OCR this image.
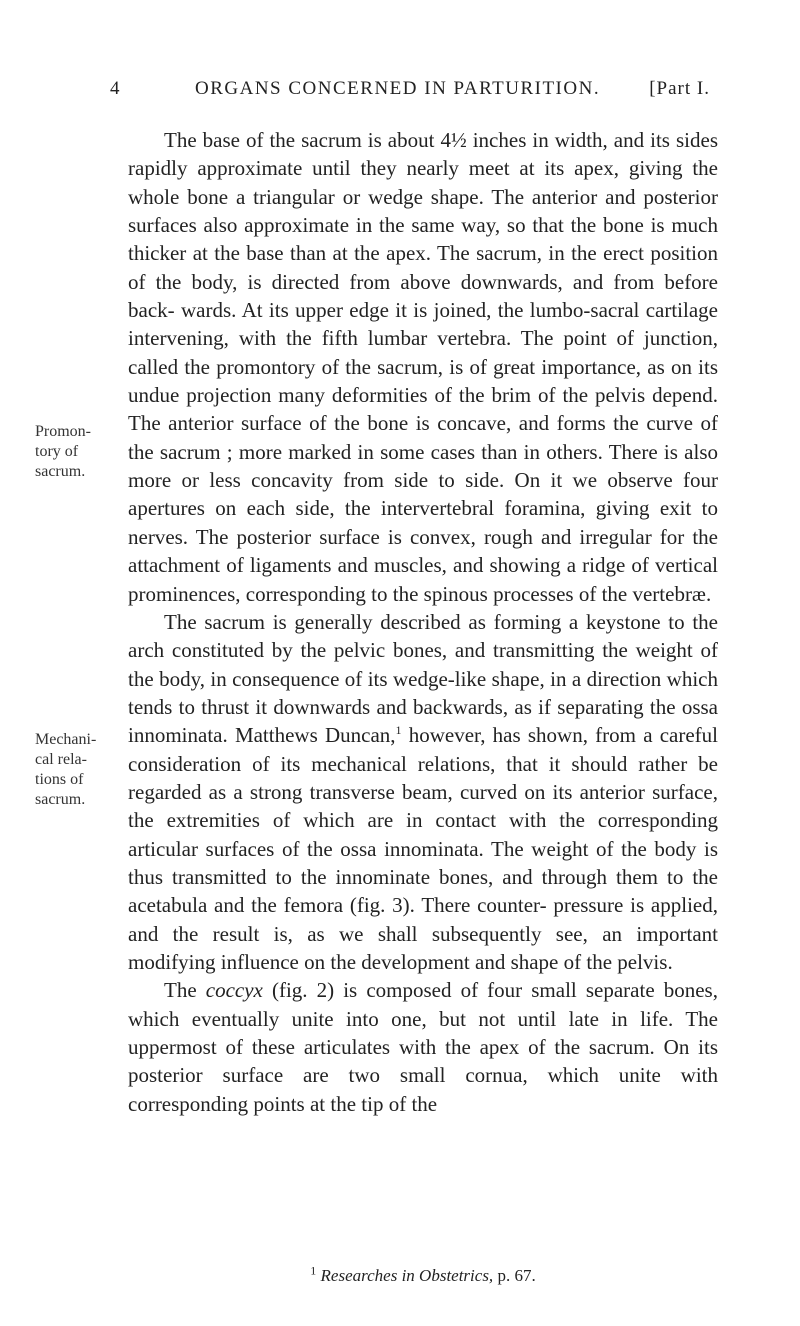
4	ORGANS CONCERNED IN PARTURITION.	[Part I.
Promon- tory of sacrum.
Mechani- cal rela- tions of sacrum.

The base of the sacrum is about 4½ inches in width, and its sides rapidly approximate until they nearly meet at its apex, giving the whole bone a triangular or wedge shape. The anterior and posterior surfaces also approximate in the same way, so that the bone is much thicker at the base than at the apex. The sacrum, in the erect position of the body, is directed from above downwards, and from before back- wards. At its upper edge it is joined, the lumbo-sacral cartilage intervening, with the fifth lumbar vertebra. The point of junction, called the promontory of the sacrum, is of great importance, as on its undue projection many deformities of the brim of the pelvis depend. The anterior surface of the bone is concave, and forms the curve of the sacrum ; more marked in some cases than in others. There is also more or less concavity from side to side. On it we observe four apertures on each side, the intervertebral foramina, giving exit to nerves. The posterior surface is convex, rough and irregular for the attachment of ligaments and muscles, and showing a ridge of vertical prominences, corresponding to the spinous processes of the vertebræ.

The sacrum is generally described as forming a keystone to the arch constituted by the pelvic bones, and transmitting the weight of the body, in consequence of its wedge-like shape, in a direction which tends to thrust it downwards and backwards, as if separating the ossa innominata. Matthews Duncan,$^1$ however, has shown, from a careful consideration of its mechanical relations, that it should rather be regarded as a strong transverse beam, curved on its anterior surface, the extremities of which are in contact with the corresponding articular surfaces of the ossa innominata. The weight of the body is thus transmitted to the innominate bones, and through them to the acetabula and the femora (fig. 3). There counter- pressure is applied, and the result is, as we shall subsequently see, an important modifying influence on the development and shape of the pelvis.

The coccyx (fig. 2) is composed of four small separate bones, which eventually unite into one, but not until late in life. The uppermost of these articulates with the apex of the sacrum. On its posterior surface are two small cornua, which unite with corresponding points at the tip of the

$^1$ Researches in Obstetrics, p. 67.
